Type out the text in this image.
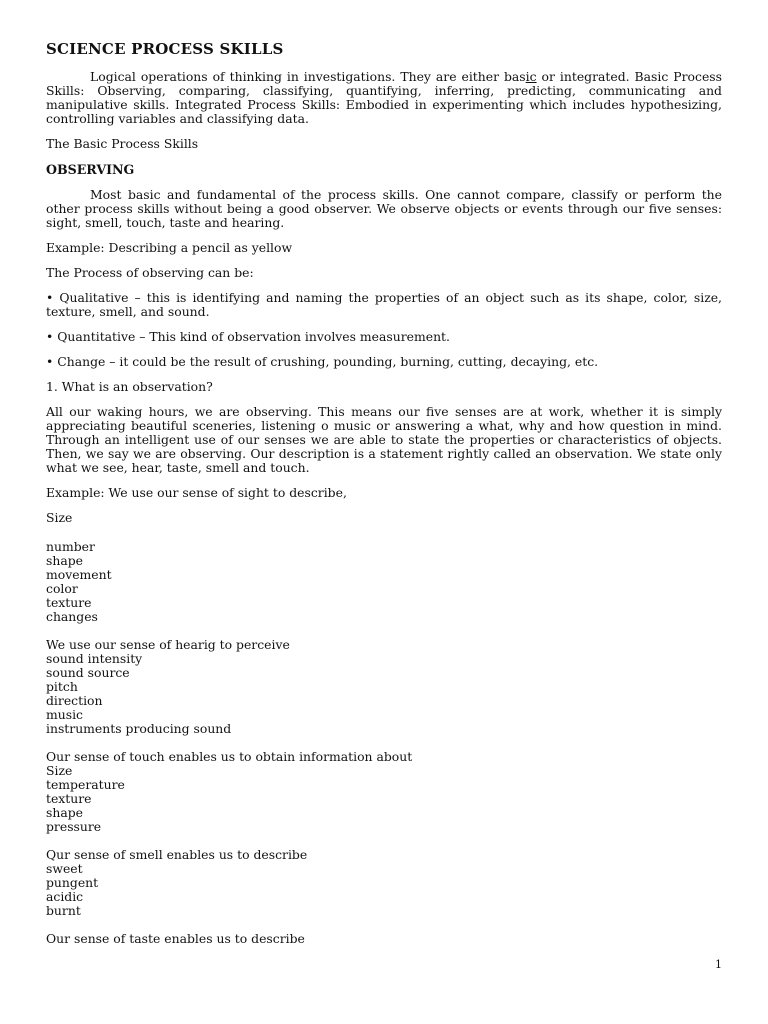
SCIENCE PROCESS SKILLS

Logical operations of thinking in investigations. They are either basic or integrated. Basic Process Skills: Observing, comparing, classifying, quantifying, inferring, predicting, communicating and manipulative skills. Integrated Process Skills: Embodied in experimenting which includes hypothesizing, controlling variables and classifying data.

The Basic Process Skills

OBSERVING

Most basic and fundamental of the process skills. One cannot compare, classify or perform the other process skills without being a good observer. We observe objects or events through our five senses: sight, smell, touch, taste and hearing.

Example: Describing a pencil as yellow

The Process of observing can be:

• Qualitative – this is identifying and naming the properties of an object such as its shape, color, size, texture, smell, and sound.
• Quantitative – This kind of observation involves measurement.
• Change – it could be the result of crushing, pounding, burning, cutting, decaying, etc.

1. What is an observation?

All our waking hours, we are observing. This means our five senses are at work, whether it is simply appreciating beautiful sceneries, listening o music or answering a what, why and how question in mind. Through an intelligent use of our senses we are able to state the properties or characteristics of objects. Then, we say we are observing. Our description is a statement rightly called an observation. We state only what we see, hear, taste, smell and touch.

Example: We use our sense of sight to describe,

Size

number
shape
movement
color
texture
changes

We use our sense of hearig to perceive

sound intensity
sound source
pitch
direction
music
instruments producing sound

Our sense of touch enables us to obtain information about

Size
temperature
texture
shape
pressure

Qur sense of smell enables us to describe

sweet
pungent
acidic
burnt

Our sense of taste enables us to describe

1
